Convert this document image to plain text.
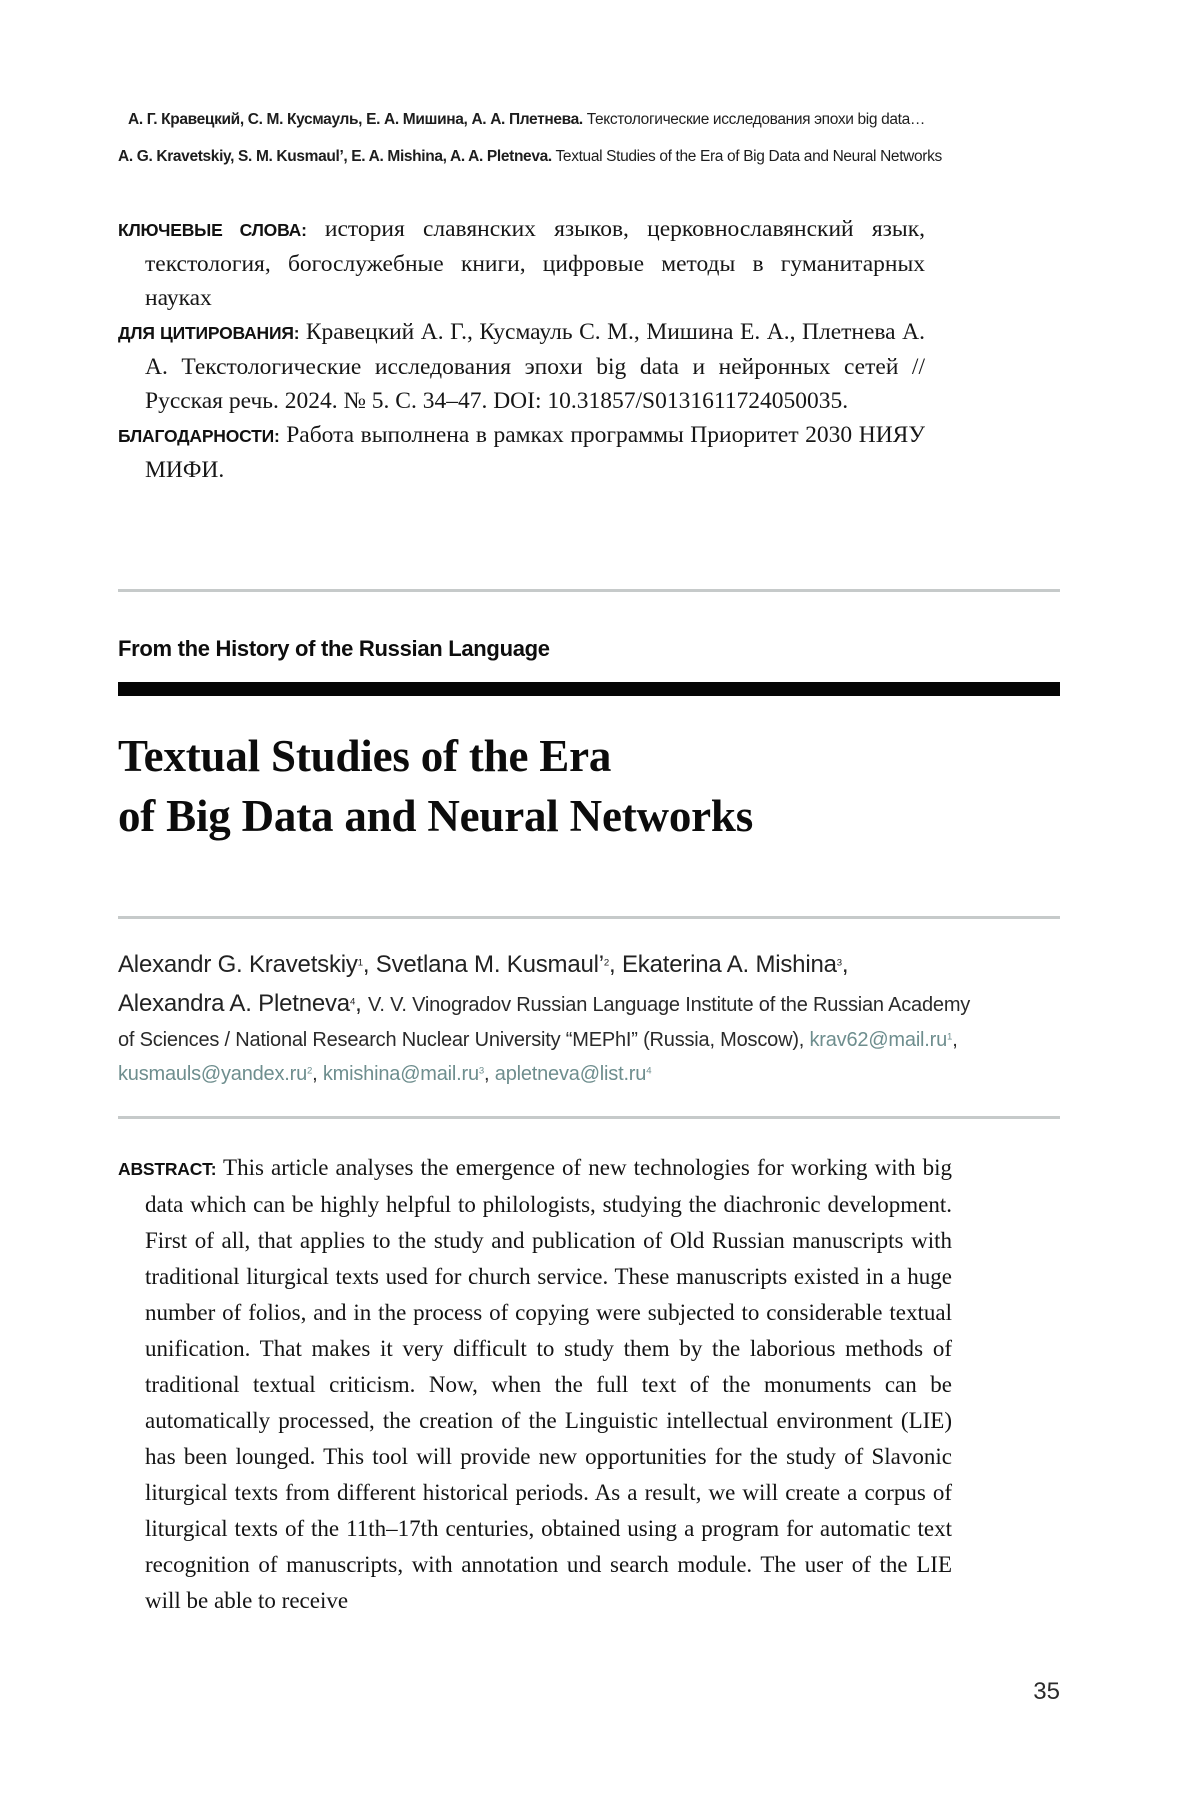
А. Г. Кравецкий, С. М. Кусмауль, Е. А. Мишина, А. А. Плетнева. Текстологические исследования эпохи big data…
A. G. Kravetskiy, S. M. Kusmaul’, E. A. Mishina, A. A. Pletneva. Textual Studies of the Era of Big Data and Neural Networks

КЛЮЧЕВЫЕ СЛОВА: история славянских языков, церковнославянский язык, текстология, богослужебные книги, цифровые методы в гуманитарных науках

ДЛЯ ЦИТИРОВАНИЯ: Кравецкий А. Г., Кусмауль С. М., Мишина Е. А., Плетнева А. А. Текстологические исследования эпохи big data и нейронных сетей // Русская речь. 2024. № 5. С. 34–47. DOI: 10.31857/S0131611724050035.

БЛАГОДАРНОСТИ: Работа выполнена в рамках программы Приоритет 2030 НИЯУ МИФИ.

From the History of the Russian Language
Textual Studies of the Era
of Big Data and Neural Networks
Alexandr G. Kravetskiy$^1$, Svetlana M. Kusmaul’$^2$, Ekaterina A. Mishina$^3$,
Alexandra A. Pletneva$^4$, V. V. Vinogradov Russian Language Institute of the Russian Academy
of Sciences / National Research Nuclear University “MEPhI” (Russia, Moscow), krav62@mail.ru$^1$,
kusmauls@yandex.ru$^2$, kmishina@mail.ru$^3$, apletneva@list.ru$^4$

ABSTRACT: This article analyses the emergence of new technologies for working with big data which can be highly helpful to philologists, studying the diachronic development. First of all, that applies to the study and publication of Old Russian manuscripts with traditional liturgical texts used for church service. These manuscripts existed in a huge number of folios, and in the process of copying were subjected to considerable textual unification. That makes it very difficult to study them by the laborious methods of traditional textual criticism. Now, when the full text of the monuments can be automatically processed, the creation of the Linguistic intellectual environment (LIE) has been lounged. This tool will provide new opportunities for the study of Slavonic liturgical texts from different historical periods. As a result, we will create a corpus of liturgical texts of the 11th–17th centuries, obtained using a program for automatic text recognition of manuscripts, with annotation und search module. The user of the LIE will be able to receive

35
